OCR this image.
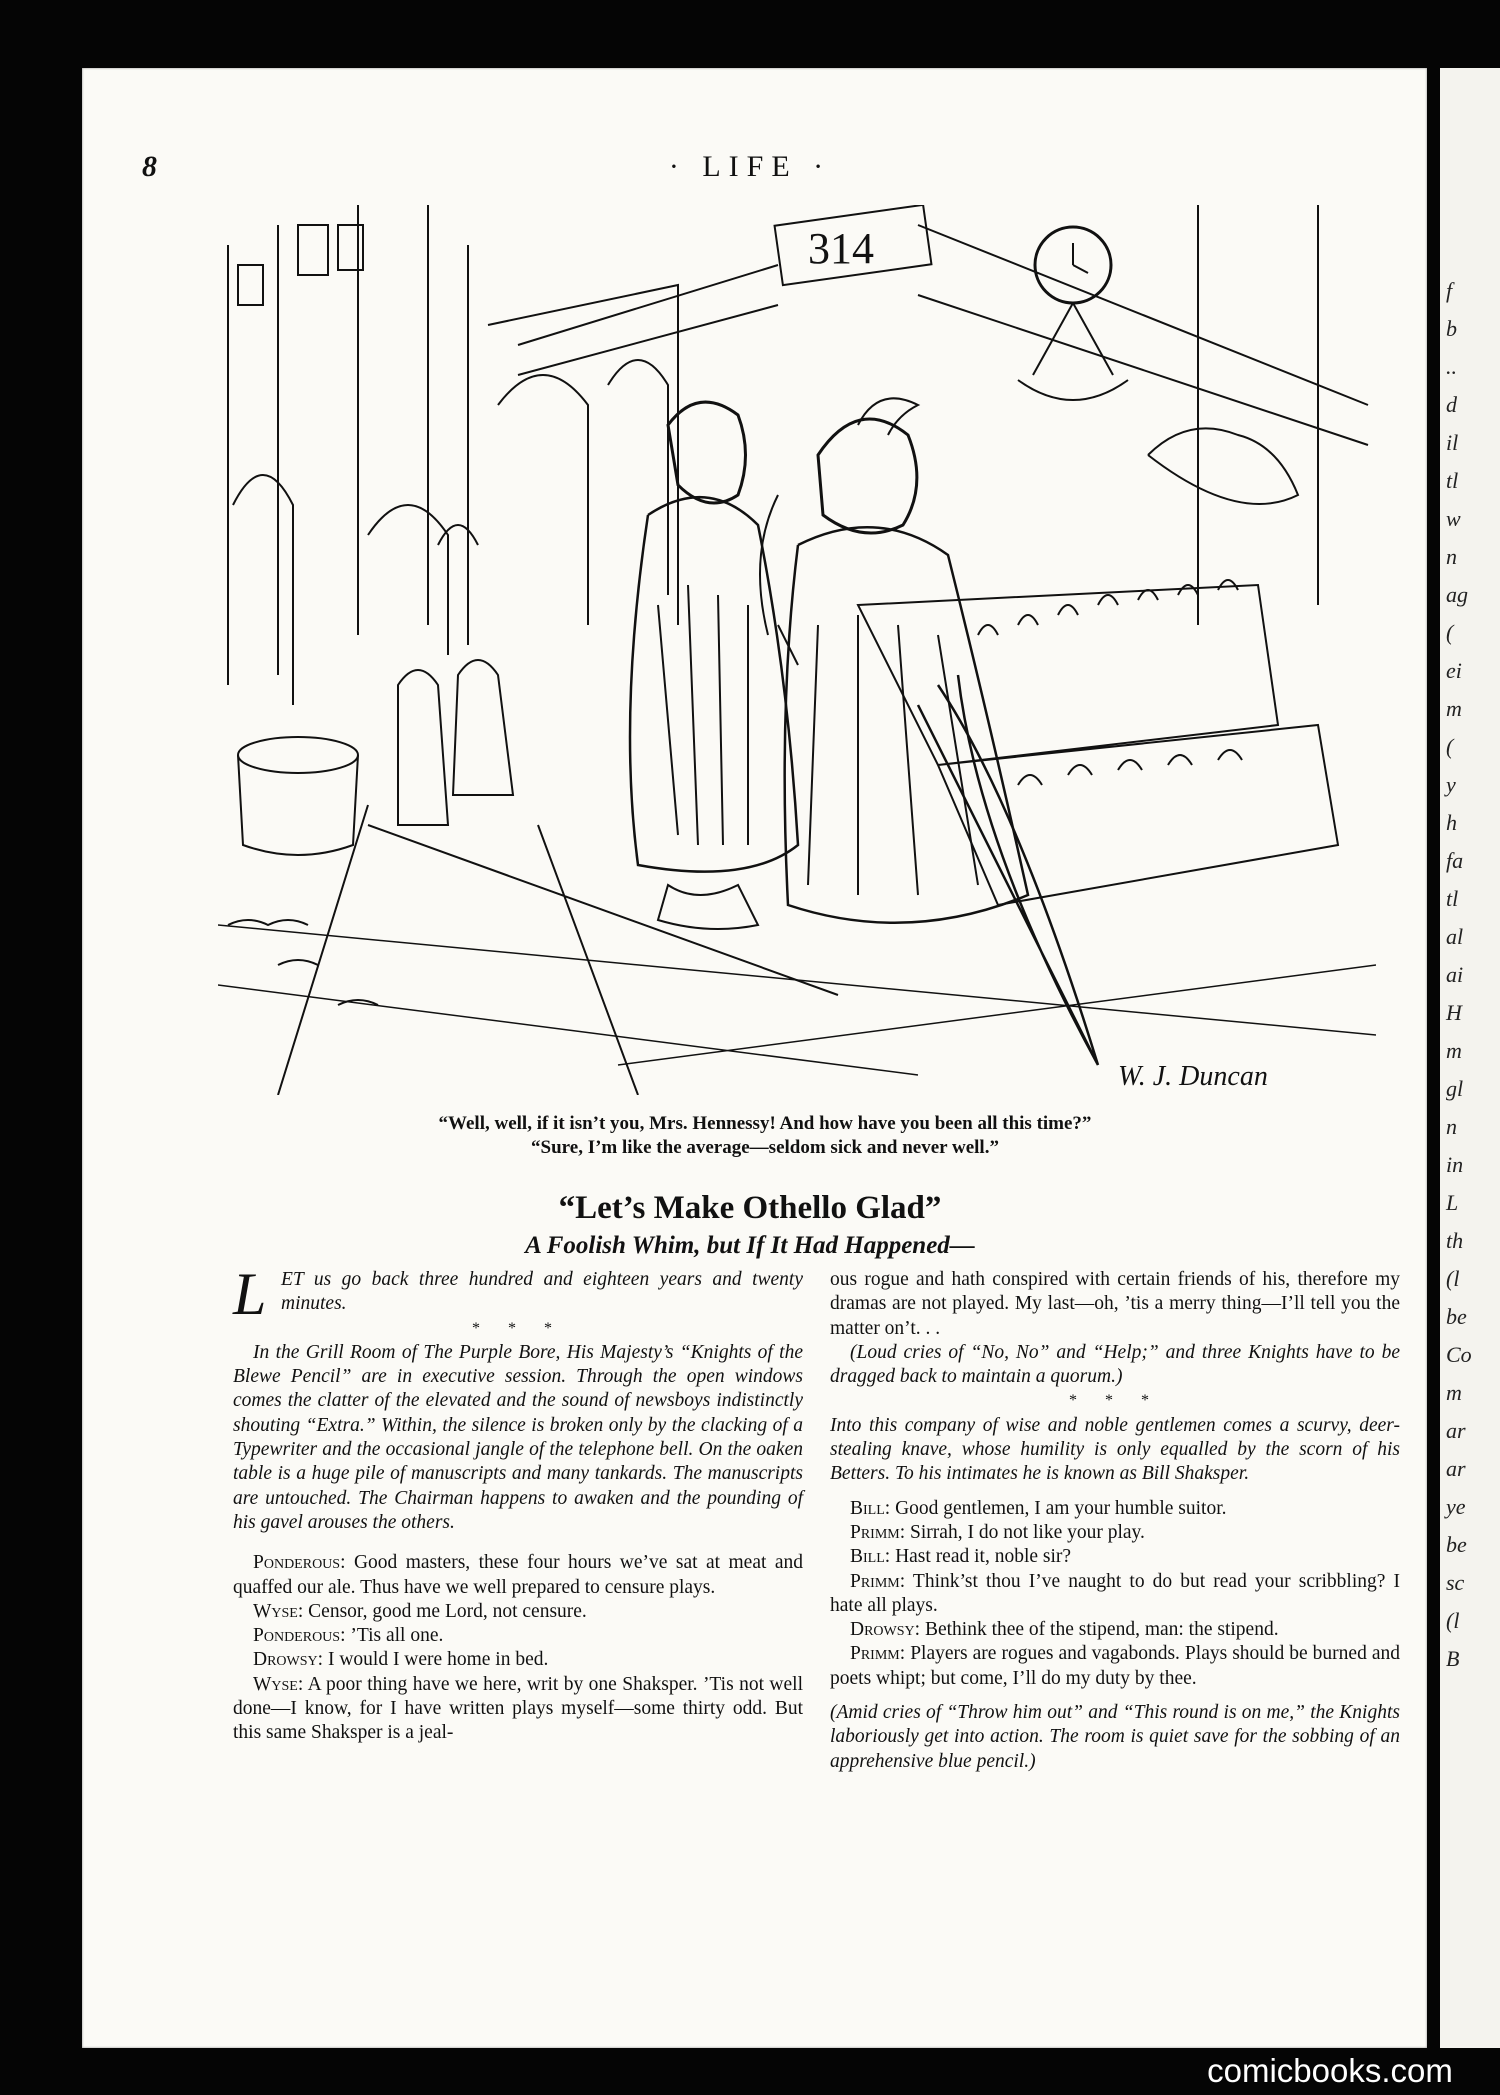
f
b
..
d
il
tl
w
n
ag
(
ei
m
(
y
h
fa
tl
al
ai
H
m
gl
n
in
L
th
(l
be
Co
m
ar
ar
ye
be
sc
(l
B
8	· LIFE ·
314
W. J. Duncan
“Well, well, if it isn’t you, Mrs. Hennessy! And how have you been all this time?”
“Sure, I’m like the average—seldom sick and never well.”
“Let’s Make Othello Glad”
A Foolish Whim, but If It Had Happened—

L ET us go back three hundred and eighteen years and twenty minutes.

* * *

In the Grill Room of The Purple Bore, His Majesty’s “Knights of the Blewe Pencil” are in executive session. Through the open windows comes the clatter of the elevated and the sound of newsboys indistinctly shouting “Extra.” Within, the silence is broken only by the clacking of a Typewriter and the occasional jangle of the telephone bell. On the oaken table is a huge pile of manuscripts and many tankards. The manuscripts are untouched. The Chairman happens to awaken and the pounding of his gavel arouses the others.

Ponderous: Good masters, these four hours we’ve sat at meat and quaffed our ale. Thus have we well prepared to censure plays.

Wyse: Censor, good me Lord, not censure.

Ponderous: ’Tis all one.

Drowsy: I would I were home in bed.

Wyse: A poor thing have we here, writ by one Shaksper. ’Tis not well done—I know, for I have written plays myself—some thirty odd. But this same Shaksper is a jeal-

ous rogue and hath conspired with certain friends of his, therefore my dramas are not played. My last—oh, ’tis a merry thing—I’ll tell you the matter on’t. . .

(Loud cries of “No, No” and “Help;” and three Knights have to be dragged back to maintain a quorum.)

* * *

Into this company of wise and noble gentlemen comes a scurvy, deer-stealing knave, whose humility is only equalled by the scorn of his Betters. To his intimates he is known as Bill Shaksper.

Bill: Good gentlemen, I am your humble suitor.

Primm: Sirrah, I do not like your play.

Bill: Hast read it, noble sir?

Primm: Think’st thou I’ve naught to do but read your scribbling? I hate all plays.

Drowsy: Bethink thee of the stipend, man: the stipend.

Primm: Players are rogues and vagabonds. Plays should be burned and poets whipt; but come, I’ll do my duty by thee.

(Amid cries of “Throw him out” and “This round is on me,” the Knights laboriously get into action. The room is quiet save for the sobbing of an apprehensive blue pencil.)

comicbooks.com
